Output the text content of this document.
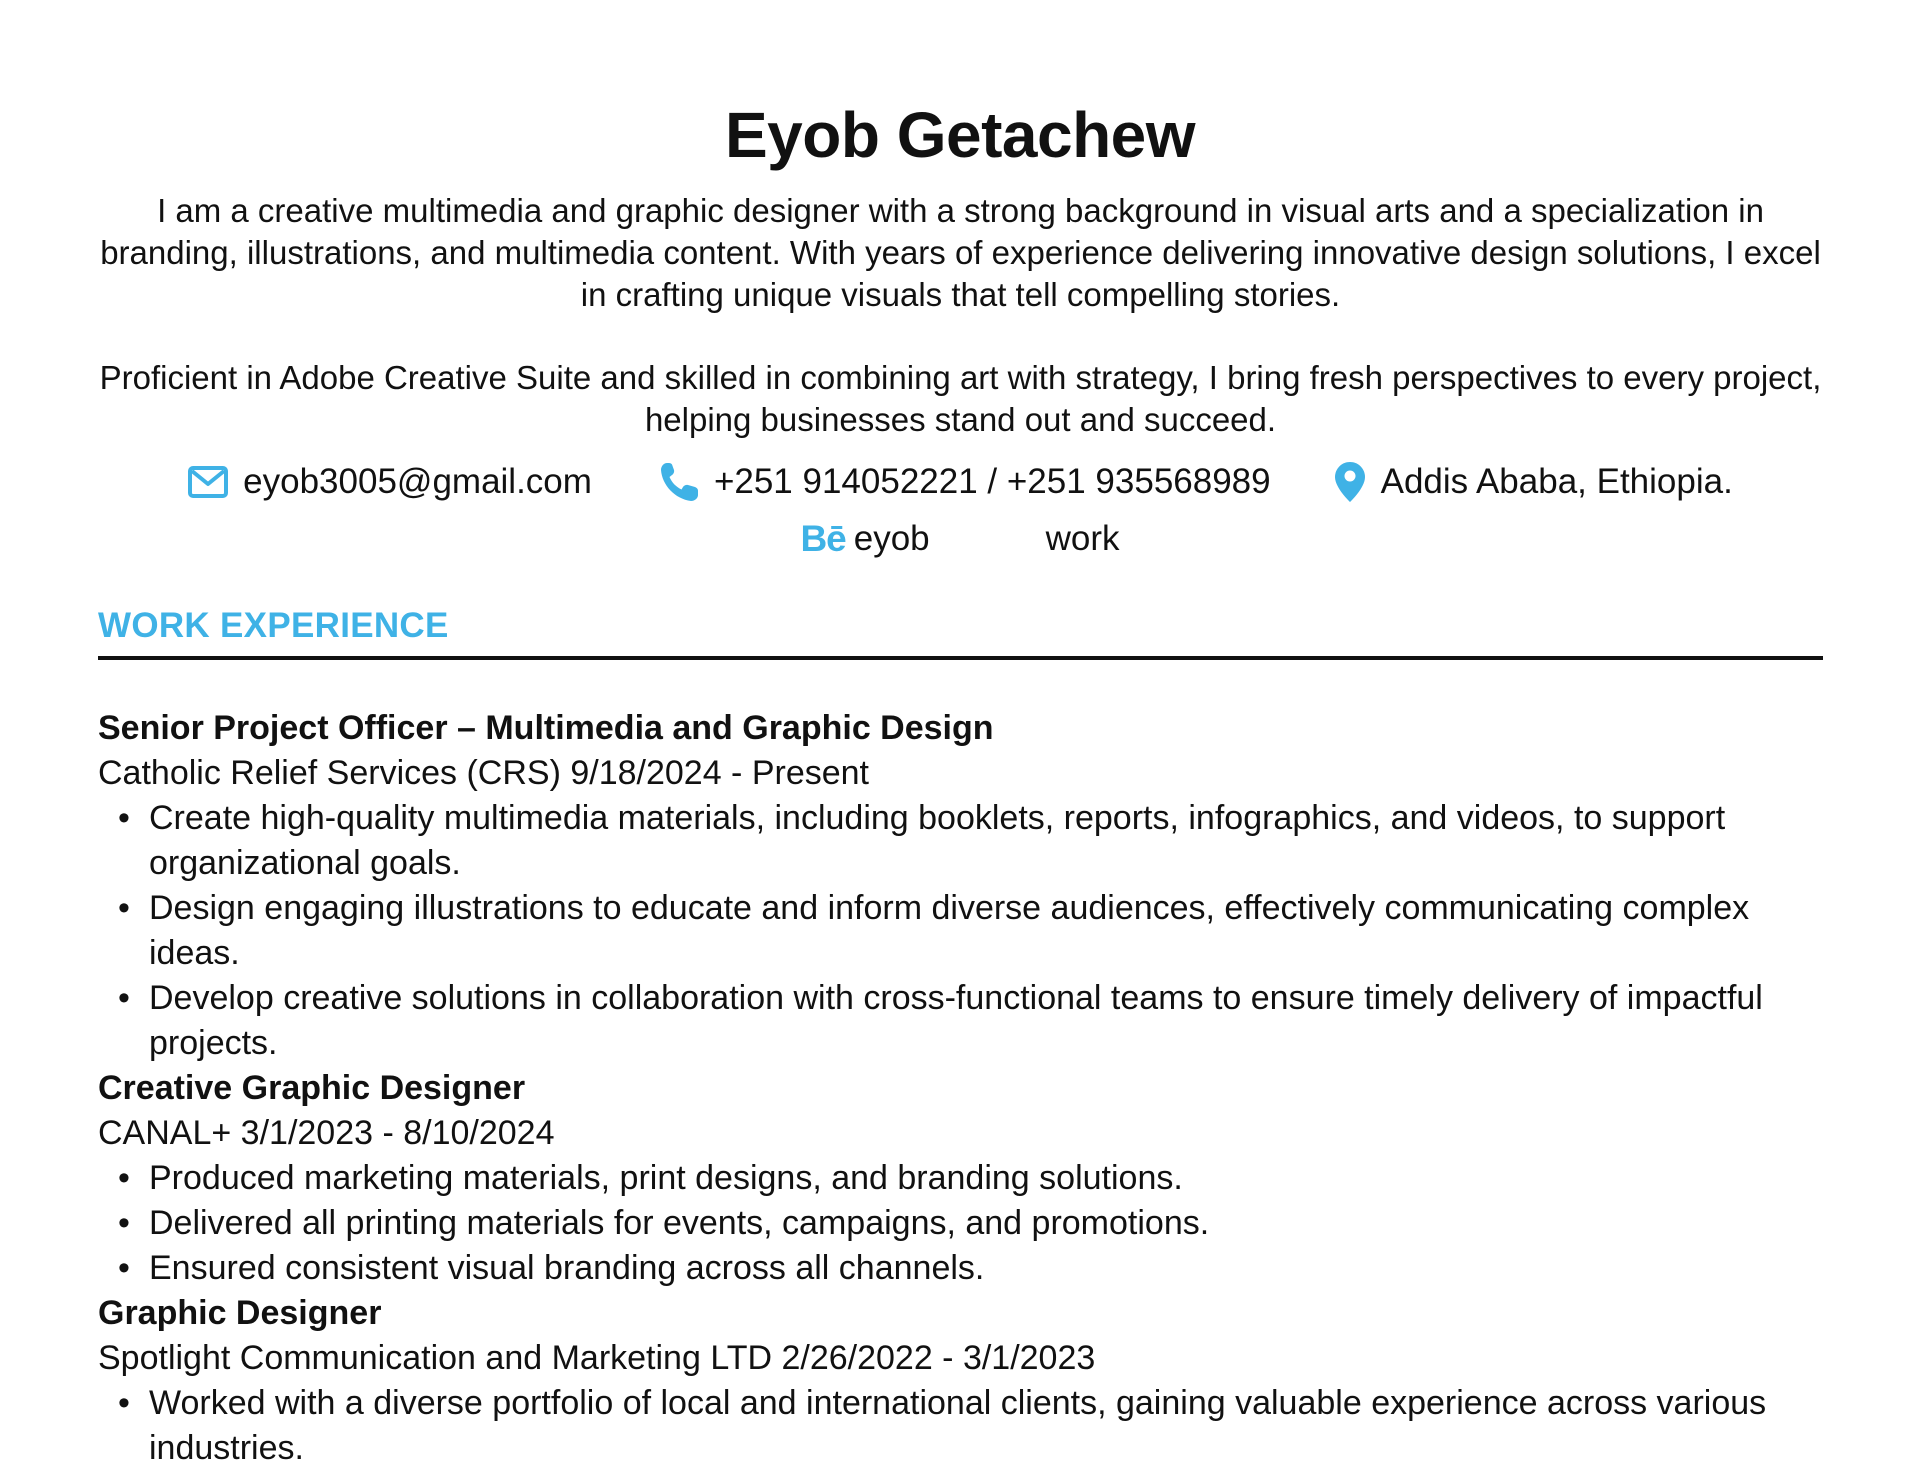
Eyob Getachew

I am a creative multimedia and graphic designer with a strong background in visual arts and a specialization in branding, illustrations, and multimedia content. With years of experience delivering innovative design solutions, I excel in crafting unique visuals that tell compelling stories.

Proficient in Adobe Creative Suite and skilled in combining art with strategy, I bring fresh perspectives to every project, helping businesses stand out and succeed.

eyob3005@gmail.com	+251 914052221 / +251 935568989	Addis Ababa, Ethiopia.
Bē eyob	work
WORK EXPERIENCE

Senior Project Officer – Multimedia and Graphic Design

Catholic Relief Services (CRS) 9/18/2024 - Present

• Create high-quality multimedia materials, including booklets, reports, infographics, and videos, to support organizational goals.
• Design engaging illustrations to educate and inform diverse audiences, effectively communicating complex ideas.
• Develop creative solutions in collaboration with cross-functional teams to ensure timely delivery of impactful projects.

Creative Graphic Designer

CANAL+ 3/1/2023 - 8/10/2024

• Produced marketing materials, print designs, and branding solutions.
• Delivered all printing materials for events, campaigns, and promotions.
• Ensured consistent visual branding across all channels.

Graphic Designer

Spotlight Communication and Marketing LTD 2/26/2022 - 3/1/2023

• Worked with a diverse portfolio of local and international clients, gaining valuable experience across various industries.
